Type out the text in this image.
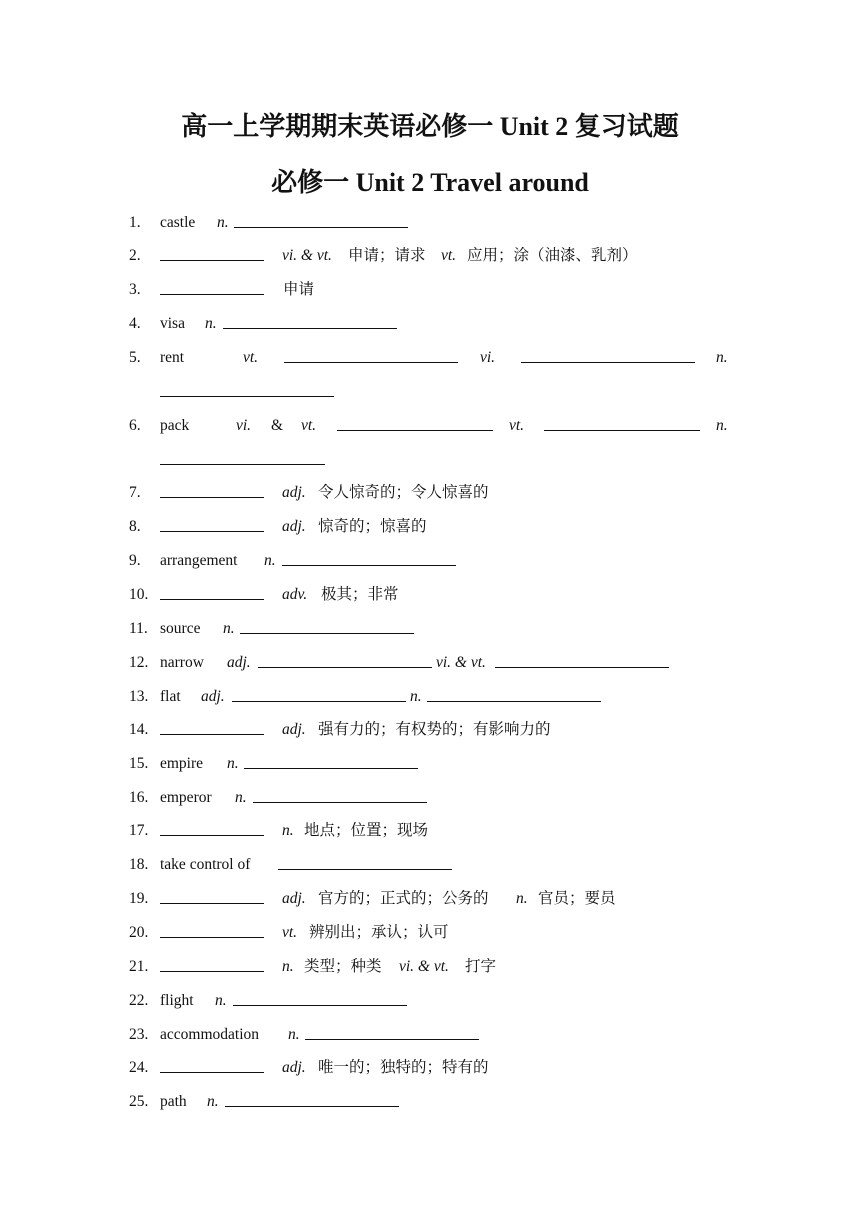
高一上学期期末英语必修一 Unit 2 复习试题
必修一 Unit 2 Travel around
1. castle n.
2.	vi. & vt. 申请；请求 vt. 应用；涂（油漆、乳剂）
3.	申请
4. visa n.
5. rent	vt.	vi.	n.
6. pack	vi. & vt.	vt.	n.
7.	adj. 令人惊奇的；令人惊喜的
8.	adj. 惊奇的；惊喜的
9. arrangement n.
10.	adv. 极其；非常
11. source n.
12. narrow adj.	vi. & vt.
13. flat adj.	n.
14.	adj. 强有力的；有权势的；有影响力的
15. empire n.
16. emperor n.
17.	n. 地点；位置；现场
18. take control of
19.	adj. 官方的；正式的；公务的 n. 官员；要员
20.	vt. 辨别出；承认；认可
21.	n. 类型；种类 vi. & vt. 打字
22. flight n.
23. accommodation n.
24.	adj. 唯一的；独特的；特有的
25. path n.
